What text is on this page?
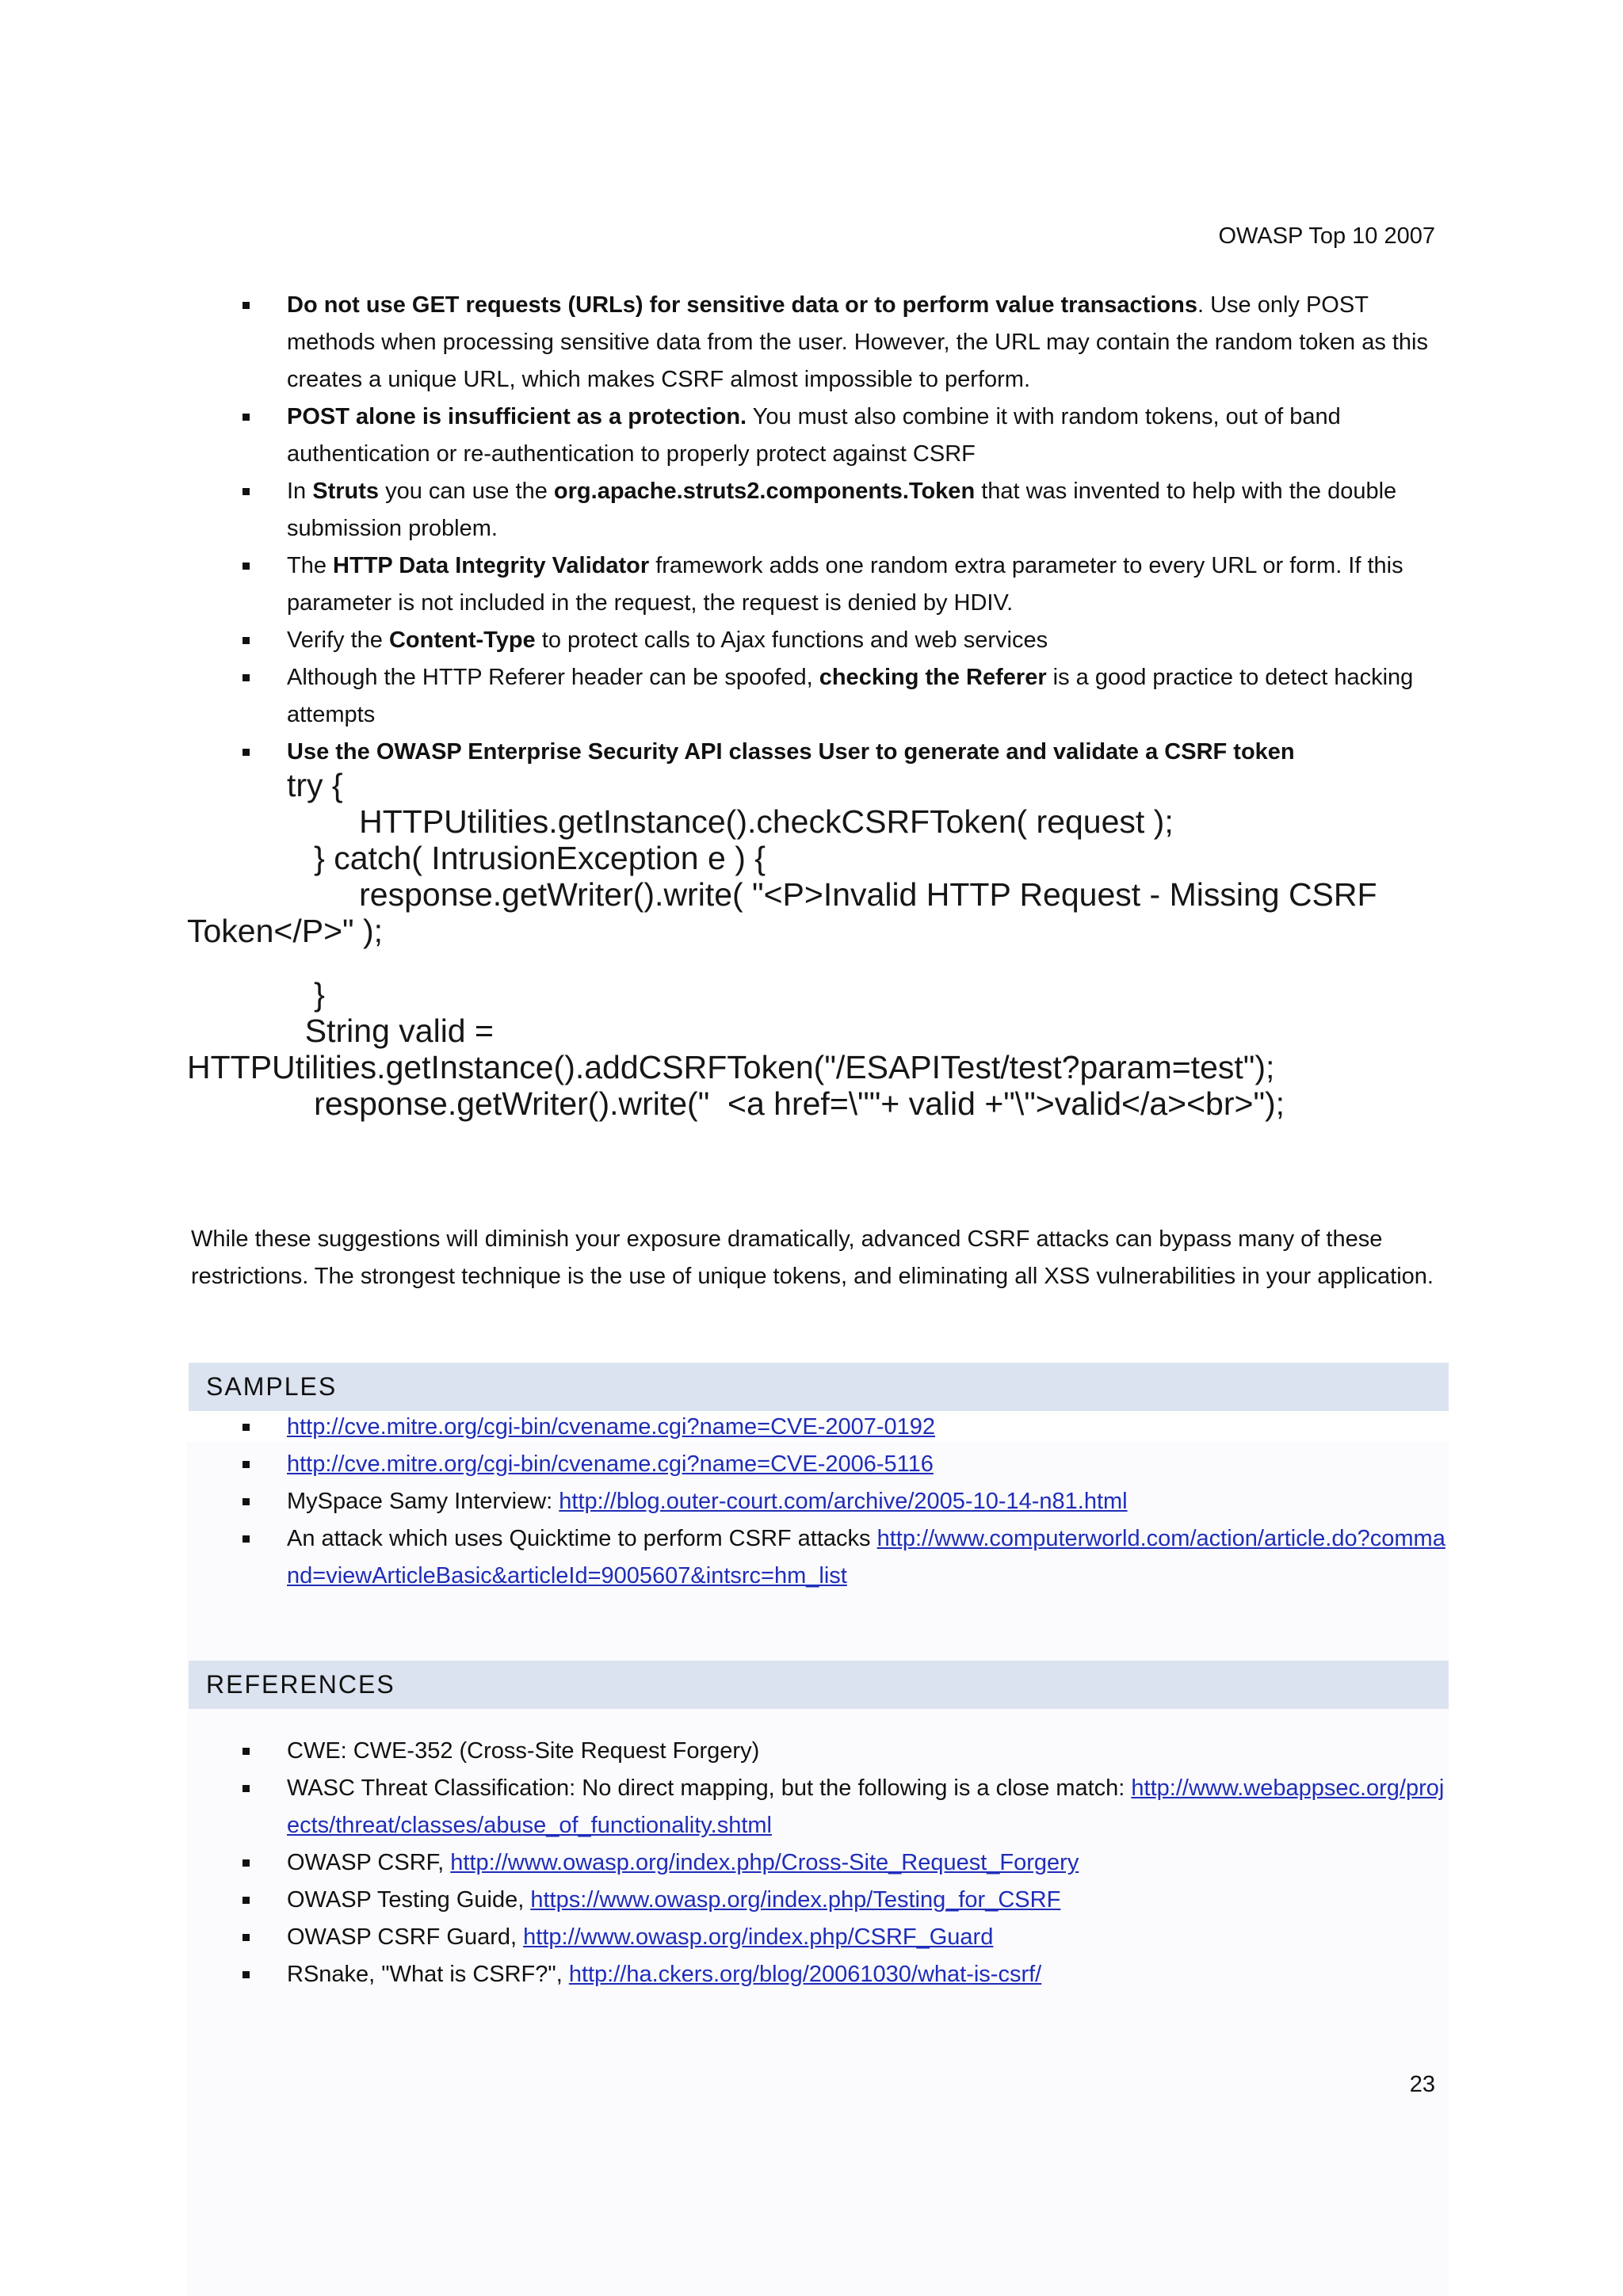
OWASP Top 10 2007
Do not use GET requests (URLs) for sensitive data or to perform value transactions. Use only POST methods when processing sensitive data from the user. However, the URL may contain the random token as this creates a unique URL, which makes CSRF almost impossible to perform.
POST alone is insufficient as a protection. You must also combine it with random tokens, out of band authentication or re-authentication to properly protect against CSRF
In Struts you can use the org.apache.struts2.components.Token that was invented to help with the double submission problem.
The HTTP Data Integrity Validator framework adds one random extra parameter to every URL or form. If this parameter is not included in the request, the request is denied by HDIV.
Verify the Content-Type to protect calls to Ajax functions and web services
Although the HTTP Referer header can be spoofed, checking the Referer is a good practice to detect hacking attempts
Use the OWASP Enterprise Security API classes User to generate and validate a CSRF token
try {
HTTPUtilities.getInstance().checkCSRFToken( request );
} catch( IntrusionException e ) {
response.getWriter().write( "<P>Invalid HTTP Request - Missing CSRF
Token</P>" );

}
String valid =
HTTPUtilities.getInstance().addCSRFToken("/ESAPITest/test?param=test");
response.getWriter().write("  <a href=\""+ valid +"\">valid</a><br>");
While these suggestions will diminish your exposure dramatically, advanced CSRF attacks can bypass many of these restrictions. The strongest technique is the use of unique tokens, and eliminating all XSS vulnerabilities in your application.
SAMPLES
http://cve.mitre.org/cgi-bin/cvename.cgi?name=CVE-2007-0192
http://cve.mitre.org/cgi-bin/cvename.cgi?name=CVE-2006-5116
MySpace Samy Interview: http://blog.outer-court.com/archive/2005-10-14-n81.html
An attack which uses Quicktime to perform CSRF attacks http://www.computerworld.com/action/article.do?command=viewArticleBasic&articleId=9005607&intsrc=hm_list
REFERENCES
CWE: CWE-352 (Cross-Site Request Forgery)
WASC Threat Classification: No direct mapping, but the following is a close match: http://www.webappsec.org/projects/threat/classes/abuse_of_functionality.shtml
OWASP CSRF, http://www.owasp.org/index.php/Cross-Site_Request_Forgery
OWASP Testing Guide, https://www.owasp.org/index.php/Testing_for_CSRF
OWASP CSRF Guard, http://www.owasp.org/index.php/CSRF_Guard
RSnake, "What is CSRF?", http://ha.ckers.org/blog/20061030/what-is-csrf/
23
